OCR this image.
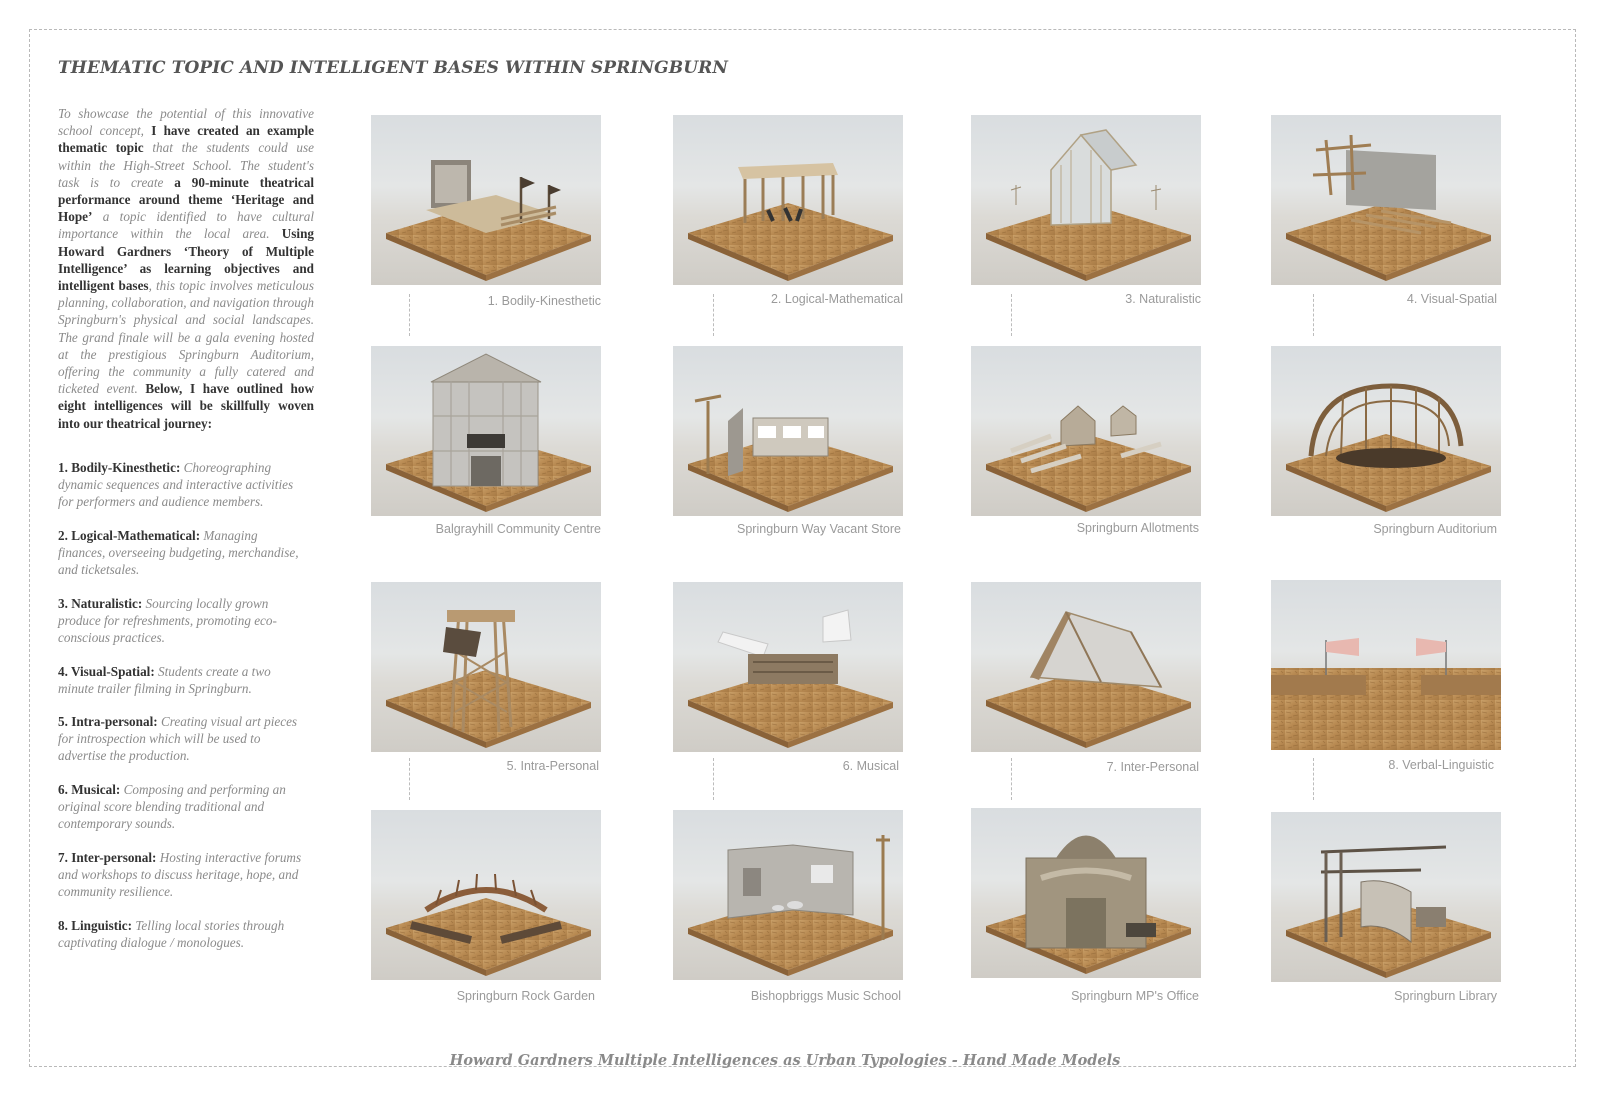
THEMATIC TOPIC AND INTELLIGENT BASES WITHIN SPRINGBURN
To showcase the potential of this innovative school concept, I have created an example thematic topic that the students could use within the High-Street School. The student's task is to create a 90-minute theatrical performance around theme ‘Heritage and Hope’ a topic identified to have cultural importance within the local area. Using Howard Gardners ‘Theory of Multiple Intelligence’ as learning objectives and intelligent bases, this topic involves meticulous planning, collaboration, and navigation through Springburn's physical and social landscapes. The grand finale will be a gala evening hosted at the prestigious Springburn Auditorium, offering the community a fully catered and ticketed event. Below, I have outlined how eight intelligences will be skillfully woven into our theatrical journey:
1. Bodily-Kinesthetic: Choreographing dynamic sequences and interactive activities for performers and audience members.
2. Logical-Mathematical: Managing finances, overseeing budgeting, merchandise, and ticketsales.
3. Naturalistic: Sourcing locally grown produce for refreshments, promoting eco-conscious practices.
4. Visual-Spatial: Students create a two minute trailer filming in Springburn.
5. Intra-personal: Creating visual art pieces for introspection which will be used to advertise the production.
6. Musical: Composing and performing an original score blending traditional and contemporary sounds.
7. Inter-personal: Hosting interactive forums and workshops to discuss heritage, hope, and community resilience.
8. Linguistic: Telling local stories through captivating dialogue / monologues.
1. Bodily-Kinesthetic	2. Logical-Mathematical	3. Naturalistic	4. Visual-Spatial
Balgrayhill Community Centre	Springburn Way Vacant Store	Springburn Allotments	Springburn Auditorium
5. Intra-Personal	6. Musical	7. Inter-Personal	8. Verbal-Linguistic
Springburn Rock Garden	Bishopbriggs Music School	Springburn MP's Office	Springburn Library
Howard Gardners Multiple Intelligences as Urban Typologies - Hand Made Models
